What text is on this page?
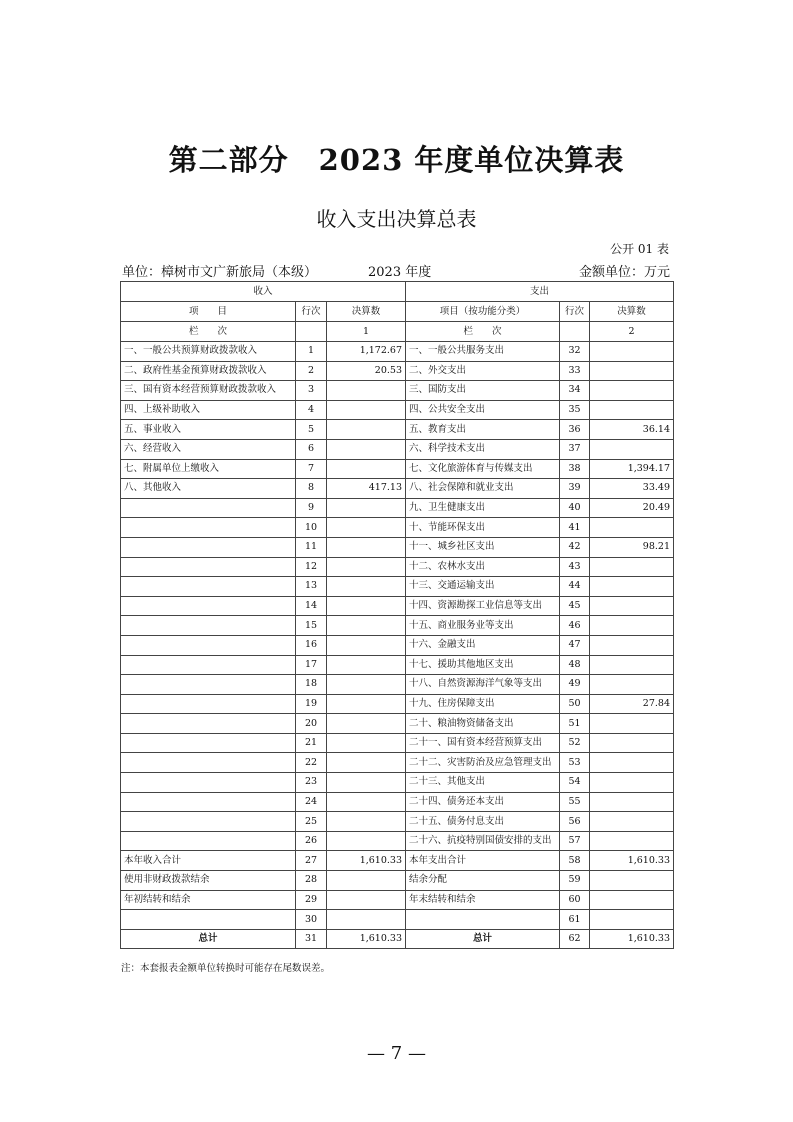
第二部分　2023 年度单位决算表
收入支出决算总表
公开 01 表
单位：樟树市文广新旅局（本级）	2023 年度	金额单位：万元
收入			支出		
项　　目	行次	决算数	项目（按功能分类）	行次	决算数
栏　　次		1	栏　　次		2
一、一般公共预算财政拨款收入	1	1,172.67	一、一般公共服务支出	32	
二、政府性基金预算财政拨款收入	2	20.53	二、外交支出	33	
三、国有资本经营预算财政拨款收入	3		三、国防支出	34	
四、上级补助收入	4		四、公共安全支出	35	
五、事业收入	5		五、教育支出	36	36.14
六、经营收入	6		六、科学技术支出	37	
七、附属单位上缴收入	7		七、文化旅游体育与传媒支出	38	1,394.17
八、其他收入	8	417.13	八、社会保障和就业支出	39	33.49
	9		九、卫生健康支出	40	20.49
	10		十、节能环保支出	41	
	11		十一、城乡社区支出	42	98.21
	12		十二、农林水支出	43	
	13		十三、交通运输支出	44	
	14		十四、资源勘探工业信息等支出	45	
	15		十五、商业服务业等支出	46	
	16		十六、金融支出	47	
	17		十七、援助其他地区支出	48	
	18		十八、自然资源海洋气象等支出	49	
	19		十九、住房保障支出	50	27.84
	20		二十、粮油物资储备支出	51	
	21		二十一、国有资本经营预算支出	52	
	22		二十二、灾害防治及应急管理支出	53	
	23		二十三、其他支出	54	
	24		二十四、债务还本支出	55	
	25		二十五、债务付息支出	56	
	26		二十六、抗疫特别国债安排的支出	57	
本年收入合计	27	1,610.33	本年支出合计	58	1,610.33
使用非财政拨款结余	28		结余分配	59	
年初结转和结余	29		年末结转和结余	60	
	30			61	
总计	31	1,610.33	总计	62	1,610.33
注：本套报表金额单位转换时可能存在尾数误差。
— 7 —
